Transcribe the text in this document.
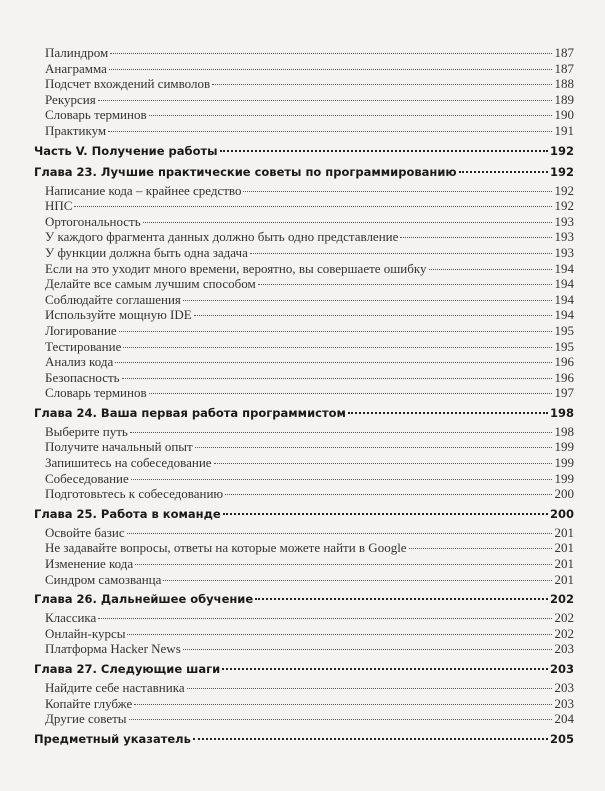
Палиндром	187
Анаграмма	187
Подсчет вхождений символов	188
Рекурсия	189
Словарь терминов	190
Практикум	191
Часть V. Получение работы	192
Глава 23. Лучшие практические советы по программированию	192
Написание кода – крайнее средство	192
НПС	192
Ортогональность	193
У каждого фрагмента данных должно быть одно представление	193
У функции должна быть одна задача	193
Если на это уходит много времени, вероятно, вы совершаете ошибку	194
Делайте все самым лучшим способом	194
Соблюдайте соглашения	194
Используйте мощную IDE	194
Логирование	195
Тестирование	195
Анализ кода	196
Безопасность	196
Словарь терминов	197
Глава 24. Ваша первая работа программистом	198
Выберите путь	198
Получите начальный опыт	199
Запишитесь на собеседование	199
Собеседование	199
Подготовьтесь к собеседованию	200
Глава 25. Работа в команде	200
Освойте базис	201
Не задавайте вопросы, ответы на которые можете найти в Google	201
Изменение кода	201
Синдром самозванца	201
Глава 26. Дальнейшее обучение	202
Классика	202
Онлайн-курсы	202
Платформа Hacker News	203
Глава 27. Следующие шаги	203
Найдите себе наставника	203
Копайте глубже	203
Другие советы	204
Предметный указатель	205
